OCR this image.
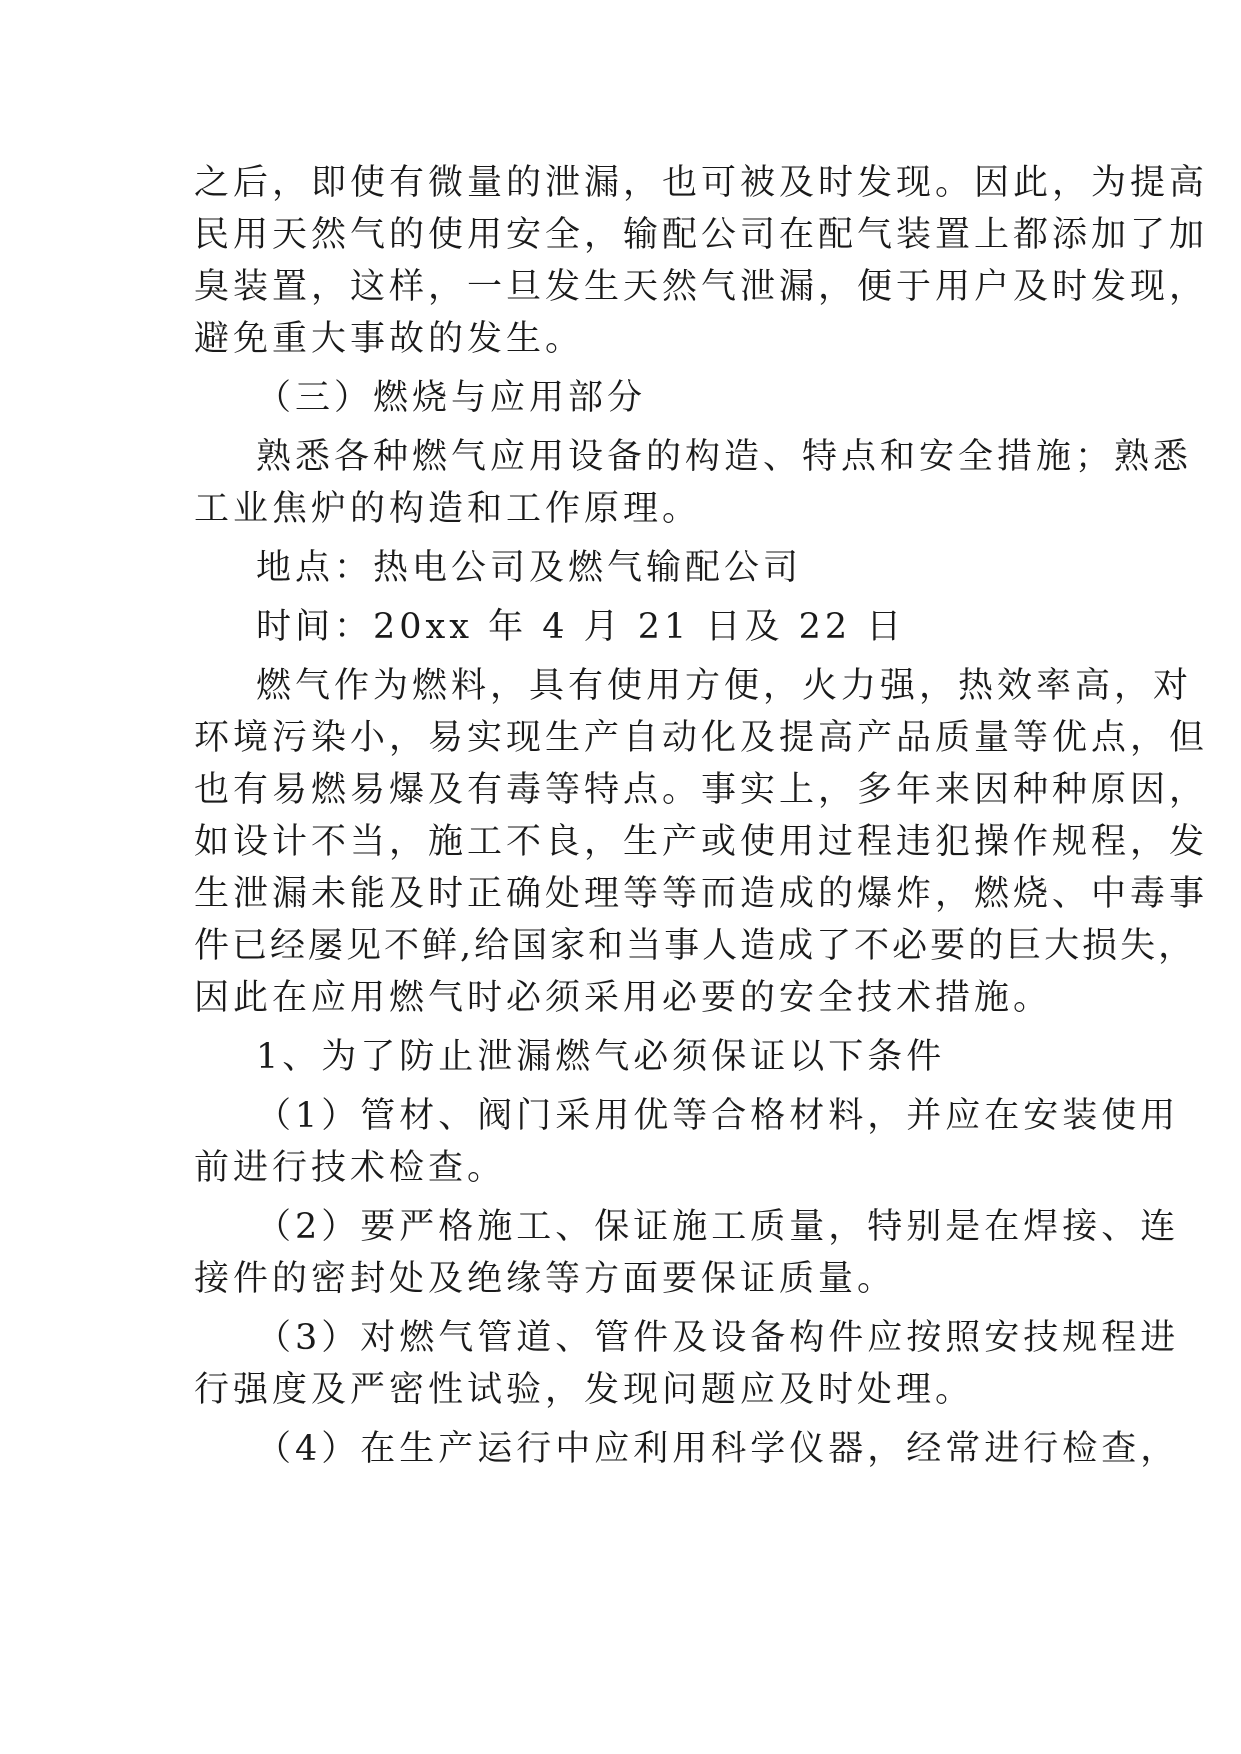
之后，即使有微量的泄漏，也可被及时发现。因此，为提高

民用天然气的使用安全，输配公司在配气装置上都添加了加

臭装置，这样，一旦发生天然气泄漏，便于用户及时发现，

避免重大事故的发生。

（三）燃烧与应用部分

熟悉各种燃气应用设备的构造、特点和安全措施；熟悉

工业焦炉的构造和工作原理。

地点：热电公司及燃气输配公司

时间：20xx 年 4 月 21 日及 22 日

燃气作为燃料，具有使用方便，火力强，热效率高，对

环境污染小，易实现生产自动化及提高产品质量等优点，但

也有易燃易爆及有毒等特点。事实上，多年来因种种原因，

如设计不当，施工不良，生产或使用过程违犯操作规程，发

生泄漏未能及时正确处理等等而造成的爆炸，燃烧、中毒事

件已经屡见不鲜,给国家和当事人造成了不必要的巨大损失，

因此在应用燃气时必须采用必要的安全技术措施。

1、为了防止泄漏燃气必须保证以下条件

（1）管材、阀门采用优等合格材料，并应在安装使用

前进行技术检查。

（2）要严格施工、保证施工质量，特别是在焊接、连

接件的密封处及绝缘等方面要保证质量。

（3）对燃气管道、管件及设备构件应按照安技规程进

行强度及严密性试验，发现问题应及时处理。

（4）在生产运行中应利用科学仪器，经常进行检查，
